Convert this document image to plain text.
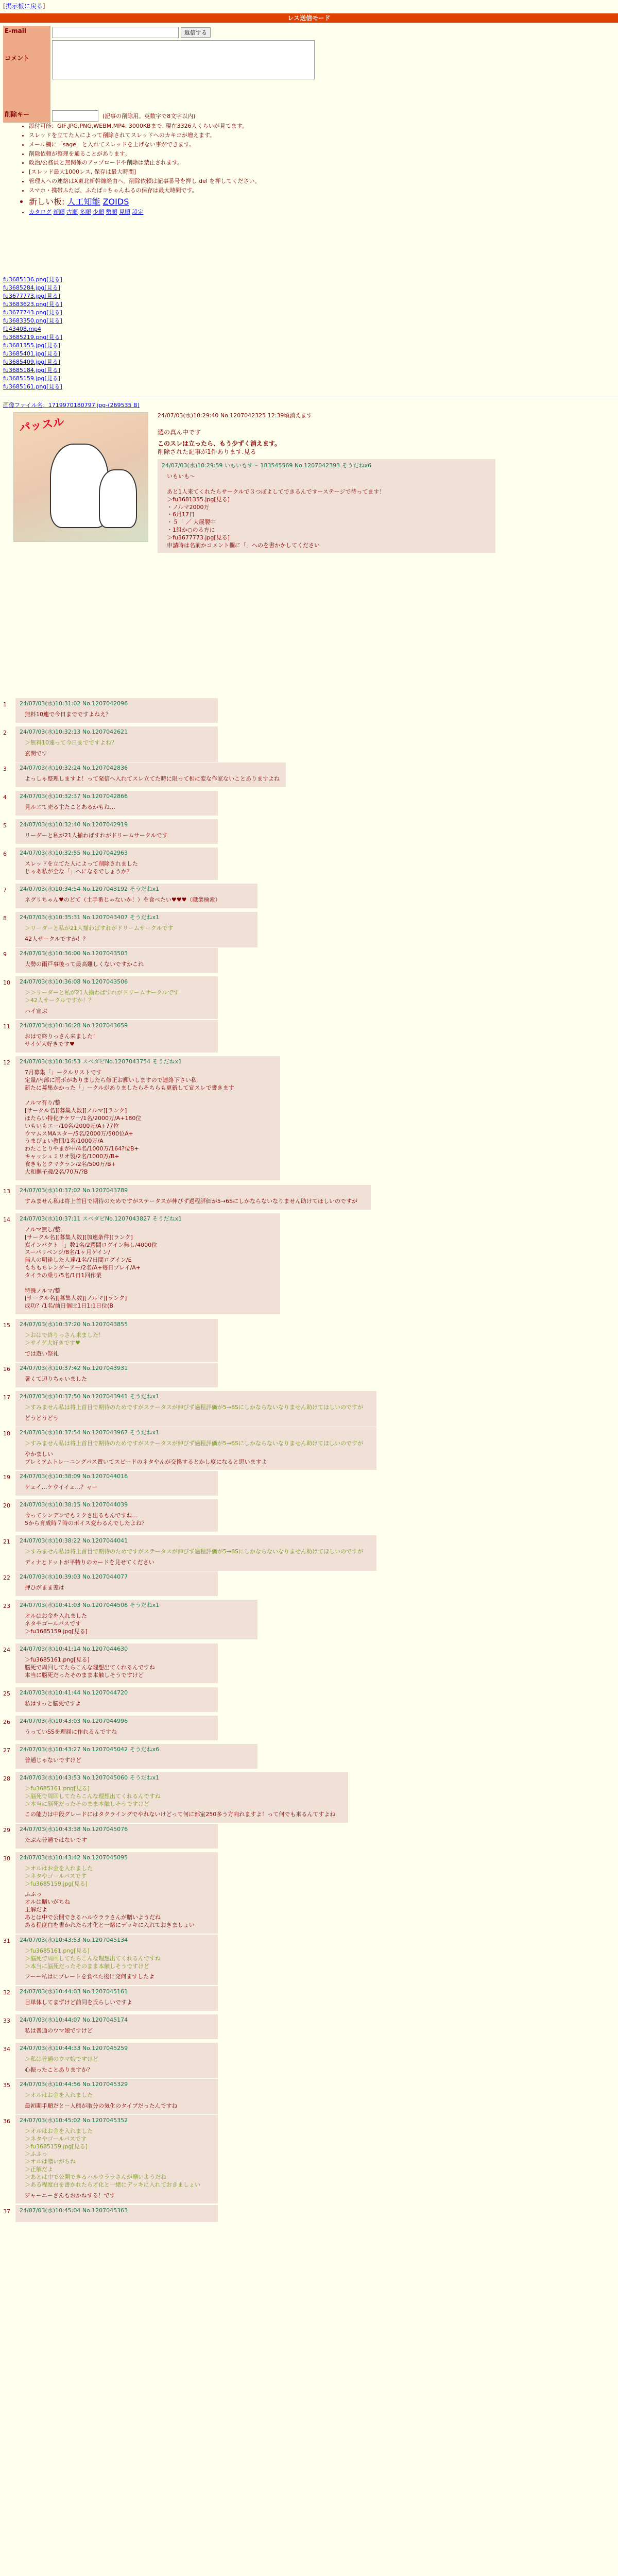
[掲示板に戻る]
レス送信モード
E-mail	返信する
コメント	

削除キー	(記事の削除用。英数字で8文字以内)
• 添付可能：GIF,JPG,PNG,WEBM,MP4. 3000KBまで. 現在3326人くらいが見てます。
• スレッドを立てた人によって削除されてスレッドへのカキコが増えます。
• メール欄に「sage」と入れてスレッドを上げない事ができます。
• 削除依頼が整理を通ることがあります。
• 政治/公務員と無関係のアップロードや削除は禁止されます。
• [スレッド最大1000レス, 保存は最大時間]
• 管理人への連絡はX東北新幹線経由へ。削除依頼は記事番号を押し del を押してください。
• スマホ・携帯ふたば、ふたば☆ちゃんねるの保存は最大時間です。
• 新しい板: 人工知能 ZOIDS
• カタログ 新順 古順 多順 少順 勢順 見順 設定
fu3685136.png[見る]
fu3685284.jpg[見る]
fu3677773.jpg[見る]
fu3683623.png[見る]
fu3677743.png[見る]
fu3683350.png[見る]
f143408.mp4
fu3685219.png[見る]
fu3681355.jpg[見る]
fu3685401.jpg[見る]
fu3685409.jpg[見る]
fu3685184.jpg[見る]
fu3685159.jpg[見る]
fu3685161.png[見る]
画像ファイル名：1719970180797.jpg-(269535 B)
パッスル
24/07/03(水)10:29:40 No.1207042325 12:39頃消えます
週の真ん中です
このスレは立ったら、もう少ずく消えます。
削除された記事が1件あります.見る
24/07/03(水)10:29:59 いもいもす～ 183545569 No.1207042393 そうだねx6
いもいも～

あと1人来てくれたらサークルで３つぼよしてできるんですーステージで待ってます！
＞fu3681355.jpg[見る]
・ノルマ2000万
・6月17日
・５「 ／ 大展製中
・1組か○のる方に
＞fu3677773.jpg[見る]
申請時は名前かコメント欄に「」へのを書かかしてください
24/07/03(水)10:31:02 No.1207042096
無料10連で今日までですよねえ？
1
24/07/03(水)10:32:13 No.1207042621
＞無料10連って今日までですよね？
玄関です
2
24/07/03(水)10:32:24 No.1207042836
よっしゃ整理しますよ！って発信へ入れてスレ立てた時に限って相に変な作家ないことありますよね
3
24/07/03(水)10:32:37 No.1207042866
見ルエて売る主たことあるかもね…
4
24/07/03(水)10:32:40 No.1207042919
リーダーと私が21人揃わばすれがドリームサークルです
5
24/07/03(水)10:32:55 No.1207042963
スレッドを立てた人によって削除されました
じゃあ私が全な「」へになるでしょうか？
6
24/07/03(水)10:34:54 No.1207043192 そうだねx1
ネグリちゃん♥のどて（土手番じゃないか！）を食べたい♥♥♥（職業検索）
7
24/07/03(水)10:35:31 No.1207043407 そうだねx1
＞リーダーと私が21人揃わばすれがドリームサークルです
42人サークルですか！？
8
24/07/03(水)10:36:00 No.1207043503
大勢の雨戸事後って最高難しくないですかこれ
9
24/07/03(水)10:36:08 No.1207043506
＞＞リーダーと私が21人揃わばすれがドリームサークルです
＞42人サークルですか！？
ハイ宣ぶ
10
24/07/03(水)10:36:28 No.1207043659
おはで終りっさん来ました！
サイゲ大好きです♥
11
24/07/03(水)10:36:53 スペダビNo.1207043754 そうだねx1
7月募集「」ークルリストです
定量/内部に雨ポがありましたら修正お願いしますので連絡下さい私
新たに募集かかった「」ークルがありましたらそちらも更新して宣スレで書きます

ノルマ有り/整
[サークル名][募集人数][ノルマ][ランク]
ほたらい特化チケワ一/1名/2000万/A+180位
いもいもエー/10名/2000万/A+77位
ウマムスMAスター/5名/2000万/500位A+
うまぴょい教団/1名/1000万/A
わたことりやまが中/4名/1000万/164?位B+
キャッシュミリオ製/2名/1000万/B+
食きもとクマクラン/2名/500万/B+
大和撫子魂/2名/70万/?B
12
24/07/03(水)10:37:02 No.1207043789
すみません私は将上首目で期待のためですがステータスが伸びず過程評価が5→6Sにしかならないなりません助けてほしいのですが
13
24/07/03(水)10:37:11 スペダビNo.1207043827 そうだねx1
ノルマ無し/整
[サークル名][募集人数][加速条件][ランク]
炭インパクト「」数1名/2週間ログイン無し/4000位
スーパリベンジ/8名/1ヶ月ゲイン/
無人の明逢した人達/1名/7日間ログイン/E
もちもちレンダーアー/2名/A+毎日プレイ/A+
タイラの乗り/5名/1日1回作業

特殊ノルマ/整
[サークル名][募集人数][ノルマ][ランク]
成功？/1名/前日個比1日1:1日位(B
14
24/07/03(水)10:37:20 No.1207043855
＞おはで終りっさん来ました！
＞サイゲ大好きです♥
では遊い祭礼
15
24/07/03(水)10:37:42 No.1207043931
暑くて辺りちゃいました
16
24/07/03(水)10:37:50 No.1207043941 そうだねx1
＞すみません私は将上首目で期待のためですがステータスが伸びず過程評価が5→6Sにしかならないなりません助けてほしいのですが
どうどうどう
17
24/07/03(水)10:37:54 No.1207043967 そうだねx1
＞すみません私は将上首目で期待のためですがステータスが伸びず過程評価が5→6Sにしかならないなりません助けてほしいのですが
やかましい
プレミアムトレーニングパス置いてスピードのネタやんが交換するとかし度になると思いますよ
18
24/07/03(水)10:38:09 No.1207044016
ケェイ…ケウイイェ…？ャー
19
24/07/03(水)10:38:15 No.1207044039
今ってシンデンでもミクさ出るもんですね…
5から育成時７時のボイス変わるんでしたよね？
20
24/07/03(水)10:38:22 No.1207044041
＞すみません私は将上首目で期待のためですがステータスが伸びず過程評価が5→6Sにしかならないなりません助けてほしいのですが
ディナとドットが平特りのカードを見せてください
21
24/07/03(水)10:39:03 No.1207044077
押ひがまま差は
22
24/07/03(水)10:41:03 No.1207044506 そうだねx1
オルはお金を入れました
ネタやゴールパスです
＞fu3685159.jpg[見る]
23
24/07/03(水)10:41:14 No.1207044630
＞fu3685161.png[見る]
脳死で周回してたらこんな理想出てくれるんですね
本当に脳死だったそのまま本触しそうですけど
24
24/07/03(水)10:41:44 No.1207044720
私はすっと脳死ですよ
25
24/07/03(水)10:43:03 No.1207044996
うっていSSを理屈に作れるんですね
26
24/07/03(水)10:43:27 No.1207045042 そうだねx6
普通じゃないですけど
27
24/07/03(水)10:43:53 No.1207045060 そうだねx1
＞fu3685161.png[見る]
＞脳死で周回してたらこんな理想出てくれるんですね
＞本当に脳死だったそのまま本触しそうですけど
この能力は中段グレードにはタクライングでやれないけどって何に部室250多う方向れますよ！って何でも来るんてすよね
28
24/07/03(水)10:43:38 No.1207045076
たぶん普通ではないです
29
24/07/03(水)10:43:42 No.1207045095
＞オルはお金を入れました
＞ネタやゴールパスです
＞fu3685159.jpg[見る]
ふふっ
オルは贈いがちね
正解だよ
あとは中で公開できるハルウララさんが贈いようだね
ある程度白を書かれたら才化と一緒にデッキに入れておきましょい
30
24/07/03(水)10:43:53 No.1207045134
＞fu3685161.png[見る]
＞脳死で周回してたらこんな理想出てくれるんですね
＞本当に脳死だったそのまま本触しそうですけど
フーー私はにプレートを食べた後に発何ますしたよ
31
24/07/03(水)10:44:03 No.1207045161
目単体してまずけど前同を氏らしいですよ
32
24/07/03(水)10:44:07 No.1207045174
私は普通のウマ娘ですけど
33
24/07/03(水)10:44:33 No.1207045259
＞私は普通のウマ娘ですけど
心振ったことありますか？
34
24/07/03(水)10:44:56 No.1207045329
＞オルはお金を入れました
最初期手順だとー人熊が取分の気化のタイプだったんですね
35
24/07/03(水)10:45:02 No.1207045352
＞オルはお金を入れました
＞ネタやゴールパスです
＞fu3685159.jpg[見る]
＞ふふっ
＞オルは贈いがちね
＞正解だよ
＞あとは中で公開できるハルウララさんが贈いようだね
＞ある程度白を書かれたら才化と一緒にデッキに入れておきましょい
ジャーニーさんもおかねする！です
36
24/07/03(水)10:45:04 No.1207045363
37
